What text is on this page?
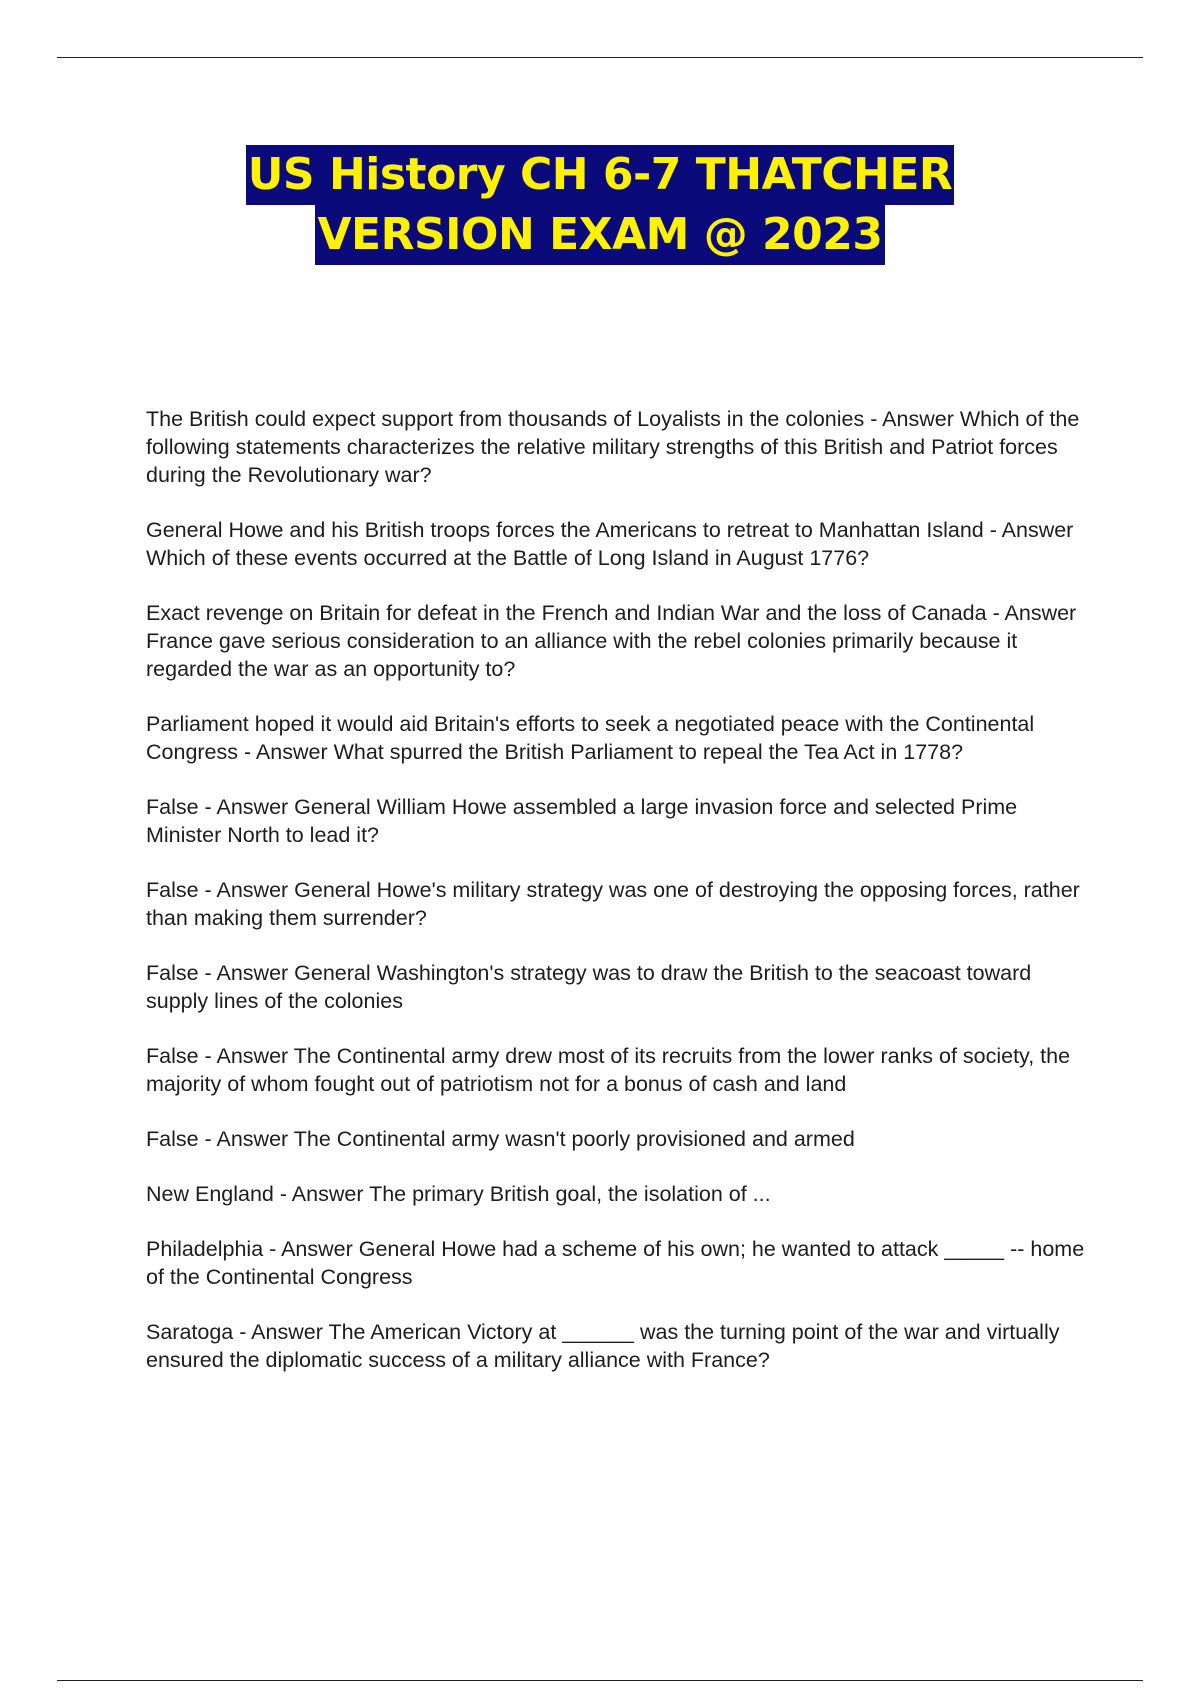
US History CH 6-7 THATCHER
VERSION EXAM @ 2023
The British could expect support from thousands of Loyalists in the colonies - Answer Which of the following statements characterizes the relative military strengths of this British and Patriot forces during the Revolutionary war?
General Howe and his British troops forces the Americans to retreat to Manhattan Island - Answer Which of these events occurred at the Battle of Long Island in August 1776?
Exact revenge on Britain for defeat in the French and Indian War and the loss of Canada - Answer France gave serious consideration to an alliance with the rebel colonies primarily because it regarded the war as an opportunity to?
Parliament hoped it would aid Britain's efforts to seek a negotiated peace with the Continental Congress - Answer What spurred the British Parliament to repeal the Tea Act in 1778?
False - Answer General William Howe assembled a large invasion force and selected Prime Minister North to lead it?
False - Answer General Howe's military strategy was one of destroying the opposing forces, rather than making them surrender?
False - Answer General Washington's strategy was to draw the British to the seacoast toward supply lines of the colonies
False - Answer The Continental army drew most of its recruits from the lower ranks of society, the majority of whom fought out of patriotism not for a bonus of cash and land
False - Answer The Continental army wasn't poorly provisioned and armed
New England - Answer The primary British goal, the isolation of ...
Philadelphia - Answer General Howe had a scheme of his own; he wanted to attack _____ -- home of the Continental Congress
Saratoga - Answer The American Victory at ______ was the turning point of the war and virtually ensured the diplomatic success of a military alliance with France?
